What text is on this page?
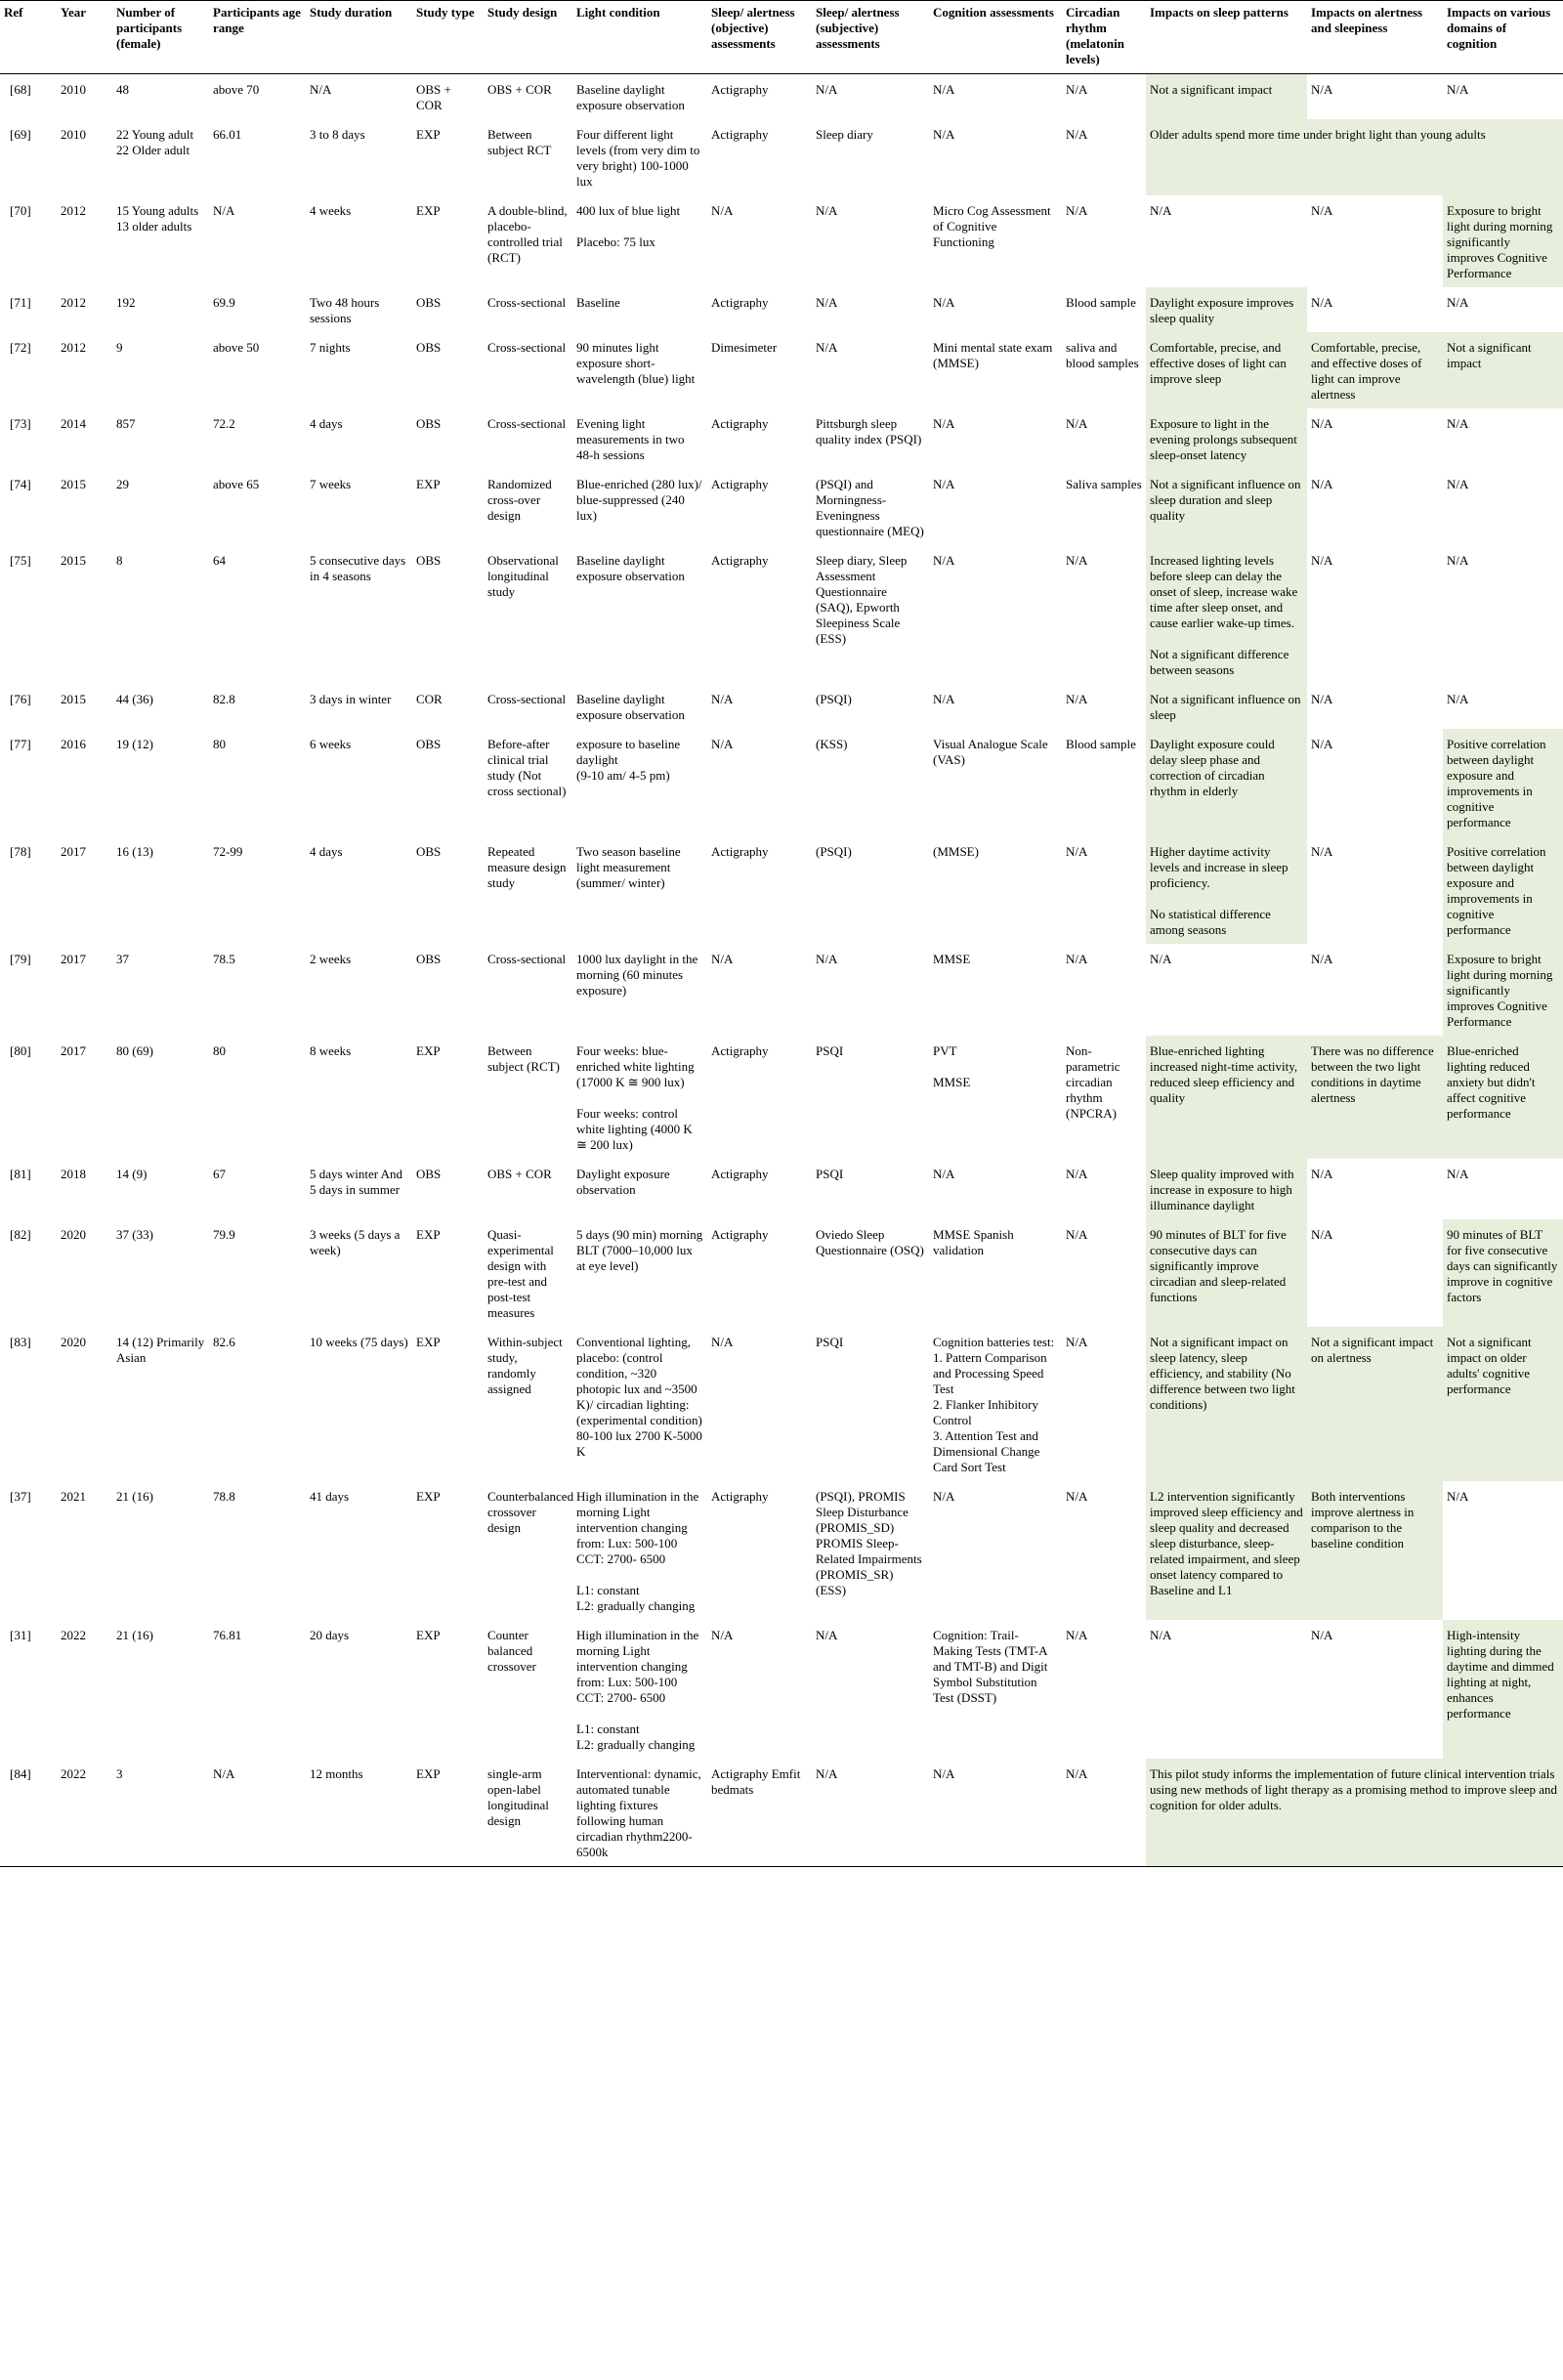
Ref	Year	Number of participants (female)	Participants age range	Study duration	Study type	Study design	Light condition	Sleep/ alertness (objective) assessments	Sleep/ alertness (subjective) assessments	Cognition assessments	Circadian rhythm (melatonin levels)	Impacts on sleep patterns	Impacts on alertness and sleepiness	Impacts on various domains of cognition

[68]	2010	48	above 70	N/A	OBS + COR	OBS + COR	Baseline daylight exposure observation	Actigraphy	N/A	N/A	N/A	Not a significant impact	N/A	N/A

[69]	2010	22 Young adult
22 Older adult	66.01	3 to 8 days	EXP	Between subject RCT	Four different light levels (from very dim to very bright) 100-1000 lux	Actigraphy	Sleep diary	N/A	N/A	Older adults spend more time under bright light than young adults		

[70]	2012	15 Young adults
13 older adults	N/A	4 weeks	EXP	A double-blind, placebo-controlled trial (RCT)	400 lux of blue light

Placebo: 75 lux	N/A	N/A	Micro Cog Assessment of Cognitive Functioning	N/A	N/A	N/A	Exposure to bright light during morning significantly improves Cognitive Performance

[71]	2012	192	69.9	Two 48 hours sessions	OBS	Cross-sectional	Baseline	Actigraphy	N/A	N/A	Blood sample	Daylight exposure improves sleep quality	N/A	N/A

[72]	2012	9	above 50	7 nights	OBS	Cross-sectional	90 minutes light exposure short-wavelength (blue) light	Dimesimeter	N/A	Mini mental state exam (MMSE)	saliva and blood samples	Comfortable, precise, and effective doses of light can improve sleep	Comfortable, precise, and effective doses of light can improve alertness	Not a significant impact

[73]	2014	857	72.2	4 days	OBS	Cross-sectional	Evening light measurements in two 48-h sessions	Actigraphy	Pittsburgh sleep quality index (PSQI)	N/A	N/A	Exposure to light in the evening prolongs subsequent sleep-onset latency	N/A	N/A

[74]	2015	29	above 65	7 weeks	EXP	Randomized cross-over design	Blue-enriched (280 lux)/ blue-suppressed (240 lux)	Actigraphy	(PSQI) and Morningness-Eveningness questionnaire (MEQ)	N/A	Saliva samples	Not a significant influence on sleep duration and sleep quality	N/A	N/A

[75]	2015	8	64	5 consecutive days in 4 seasons	OBS	Observational longitudinal study	Baseline daylight exposure observation	Actigraphy	Sleep diary, Sleep Assessment Questionnaire (SAQ), Epworth Sleepiness Scale (ESS)	N/A	N/A	Increased lighting levels before sleep can delay the onset of sleep, increase wake time after sleep onset, and cause earlier wake-up times.

Not a significant difference between seasons	N/A	N/A

[76]	2015	44 (36)	82.8	3 days in winter	COR	Cross-sectional	Baseline daylight exposure observation	N/A	(PSQI)	N/A	N/A	Not a significant influence on sleep	N/A	N/A

[77]	2016	19 (12)	80	6 weeks	OBS	Before-after clinical trial study (Not cross sectional)	exposure to baseline daylight
(9-10 am/ 4-5 pm)	N/A	(KSS)	Visual Analogue Scale (VAS)	Blood sample	Daylight exposure could delay sleep phase and correction of circadian rhythm in elderly	N/A	Positive correlation between daylight exposure and improvements in cognitive performance

[78]	2017	16 (13)	72-99	4 days	OBS	Repeated measure design study	Two season baseline light measurement (summer/ winter)	Actigraphy	(PSQI)	(MMSE)	N/A	Higher daytime activity levels and increase in sleep proficiency.

No statistical difference among seasons	N/A	Positive correlation between daylight exposure and improvements in cognitive performance

[79]	2017	37	78.5	2 weeks	OBS	Cross-sectional	1000 lux daylight in the morning (60 minutes exposure)	N/A	N/A	MMSE	N/A	N/A	N/A	Exposure to bright light during morning significantly improves Cognitive Performance

[80]	2017	80 (69)	80	8 weeks	EXP	Between subject (RCT)	Four weeks: blue-enriched white lighting (17000 K ≅ 900 lux)

Four weeks: control white lighting (4000 K ≅ 200 lux)	Actigraphy	PSQI	PVT

MMSE	Non-parametric circadian rhythm (NPCRA)	Blue-enriched lighting increased night-time activity, reduced sleep efficiency and quality	There was no difference between the two light conditions in daytime alertness	Blue-enriched lighting reduced anxiety but didn't affect cognitive performance

[81]	2018	14 (9)	67	5 days winter And 5 days in summer	OBS	OBS + COR	Daylight exposure observation	Actigraphy	PSQI	N/A	N/A	Sleep quality improved with increase in exposure to high illuminance daylight	N/A	N/A

[82]	2020	37 (33)	79.9	3 weeks (5 days a week)	EXP	Quasi-experimental design with pre-test and post-test measures	5 days (90 min) morning BLT (7000–10,000 lux at eye level)	Actigraphy	Oviedo Sleep Questionnaire (OSQ)	MMSE Spanish validation	N/A	90 minutes of BLT for five consecutive days can significantly improve circadian and sleep-related functions	N/A	90 minutes of BLT for five consecutive days can significantly improve in cognitive factors

[83]	2020	14 (12) Primarily Asian	82.6	10 weeks (75 days)	EXP	Within-subject study, randomly assigned	Conventional lighting, placebo: (control condition, ~320 photopic lux and ~3500 K)/ circadian lighting: (experimental condition) 80-100 lux 2700 K-5000 K	N/A	PSQI	Cognition batteries test:
1. Pattern Comparison and Processing Speed Test
2. Flanker Inhibitory Control
3. Attention Test and Dimensional Change Card Sort Test	N/A	Not a significant impact on sleep latency, sleep efficiency, and stability (No difference between two light conditions)	Not a significant impact on alertness	Not a significant impact on older adults' cognitive performance

[37]	2021	21 (16)	78.8	41 days	EXP	Counterbalanced crossover design	High illumination in the morning Light intervention changing from: Lux: 500-100 CCT: 2700- 6500

L1: constant
L2: gradually changing	Actigraphy	(PSQI), PROMIS Sleep Disturbance (PROMIS_SD) PROMIS Sleep-Related Impairments (PROMIS_SR) (ESS)	N/A	N/A	L2 intervention significantly improved sleep efficiency and sleep quality and decreased sleep disturbance, sleep-related impairment, and sleep onset latency compared to Baseline and L1	Both interventions improve alertness in comparison to the baseline condition	N/A

[31]	2022	21 (16)	76.81	20 days	EXP	Counter balanced crossover	High illumination in the morning Light intervention changing from: Lux: 500-100 CCT: 2700- 6500

L1: constant
L2: gradually changing	N/A	N/A	Cognition: Trail-Making Tests (TMT-A and TMT-B) and Digit Symbol Substitution Test (DSST)	N/A	N/A	N/A	High-intensity lighting during the daytime and dimmed lighting at night, enhances performance

[84]	2022	3	N/A	12 months	EXP	single-arm open-label longitudinal design	Interventional: dynamic, automated tunable lighting fixtures following human circadian rhythm2200-6500k	Actigraphy Emfit bedmats	N/A	N/A	N/A	This pilot study informs the implementation of future clinical intervention trials using new methods of light therapy as a promising method to improve sleep and cognition for older adults.		
